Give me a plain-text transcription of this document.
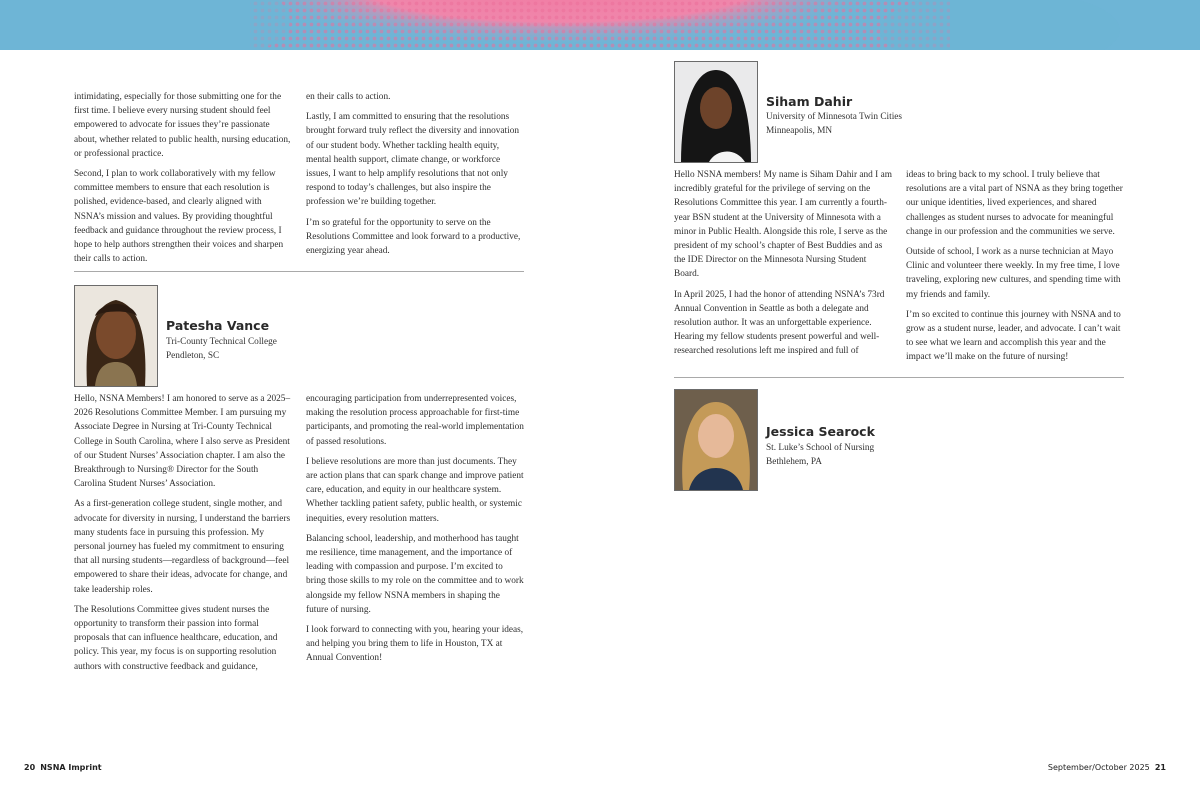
intimidating, especially for those submitting one for the first time. I believe every nursing student should feel empowered to advocate for issues they’re passionate about, whether related to public health, nursing education, or professional practice.

Second, I plan to work collaboratively with my fellow committee members to ensure that each resolution is polished, evidence-based, and clearly aligned with NSNA’s mission and values. By providing thoughtful feedback and guidance throughout the review process, I hope to help authors strengthen their voices and sharpen their calls to action.

en their calls to action.

Lastly, I am committed to ensuring that the resolutions brought forward truly reflect the diversity and innovation of our student body. Whether tackling health equity, mental health support, climate change, or workforce issues, I want to help amplify resolutions that not only respond to today’s challenges, but also inspire the profession we’re building together.

I’m so grateful for the opportunity to serve on the Resolutions Committee and look forward to a productive, energizing year ahead.

Patesha Vance
Tri-County Technical College
Pendleton, SC

Hello, NSNA Members! I am honored to serve as a 2025–2026 Resolutions Committee Member. I am pursuing my Associate Degree in Nursing at Tri-County Technical College in South Carolina, where I also serve as President of our Student Nurses’ Association chapter. I am also the Breakthrough to Nursing® Director for the South Carolina Student Nurses’ Association.

As a first-generation college student, single mother, and advocate for diversity in nursing, I understand the barriers many students face in pursuing this profession. My personal journey has fueled my commitment to ensuring that all nursing students—regardless of background—feel empowered to share their ideas, advocate for change, and take leadership roles.

The Resolutions Committee gives student nurses the opportunity to transform their passion into formal proposals that can influence healthcare, education, and policy. This year, my focus is on supporting resolution authors with constructive feedback and guidance,

encouraging participation from underrepresented voices, making the resolution process approachable for first-time participants, and promoting the real-world implementation of passed resolutions.

I believe resolutions are more than just documents. They are action plans that can spark change and improve patient care, education, and equity in our healthcare system. Whether tackling patient safety, public health, or systemic inequities, every resolution matters.

Balancing school, leadership, and motherhood has taught me resilience, time management, and the importance of leading with compassion and purpose. I’m excited to bring those skills to my role on the committee and to work alongside my fellow NSNA members in shaping the future of nursing.

I look forward to connecting with you, hearing your ideas, and helping you bring them to life in Houston, TX at Annual Convention!

Siham Dahir
University of Minnesota Twin Cities
Minneapolis, MN

Hello NSNA members! My name is Siham Dahir and I am incredibly grateful for the privilege of serving on the Resolutions Committee this year. I am currently a fourth-year BSN student at the University of Minnesota with a minor in Public Health. Alongside this role, I serve as the president of my school’s chapter of Best Buddies and as the IDE Director on the Minnesota Nursing Student Board.

In April 2025, I had the honor of attending NSNA’s 73rd Annual Convention in Seattle as both a delegate and resolution author. It was an unforgettable experience. Hearing my fellow students present powerful and well-researched resolutions left me inspired and full of

ideas to bring back to my school. I truly believe that resolutions are a vital part of NSNA as they bring together our unique identities, lived experiences, and shared challenges as student nurses to advocate for meaningful change in our profession and the communities we serve.

Outside of school, I work as a nurse technician at Mayo Clinic and volunteer there weekly. In my free time, I love traveling, exploring new cultures, and spending time with my friends and family.

I’m so excited to continue this journey with NSNA and to grow as a student nurse, leader, and advocate. I can’t wait to see what we learn and accomplish this year and the impact we’ll make on the future of nursing!

Jessica Searock
St. Luke’s School of Nursing
Bethlehem, PA
20 NSNA Imprint	September/October 2025 21
